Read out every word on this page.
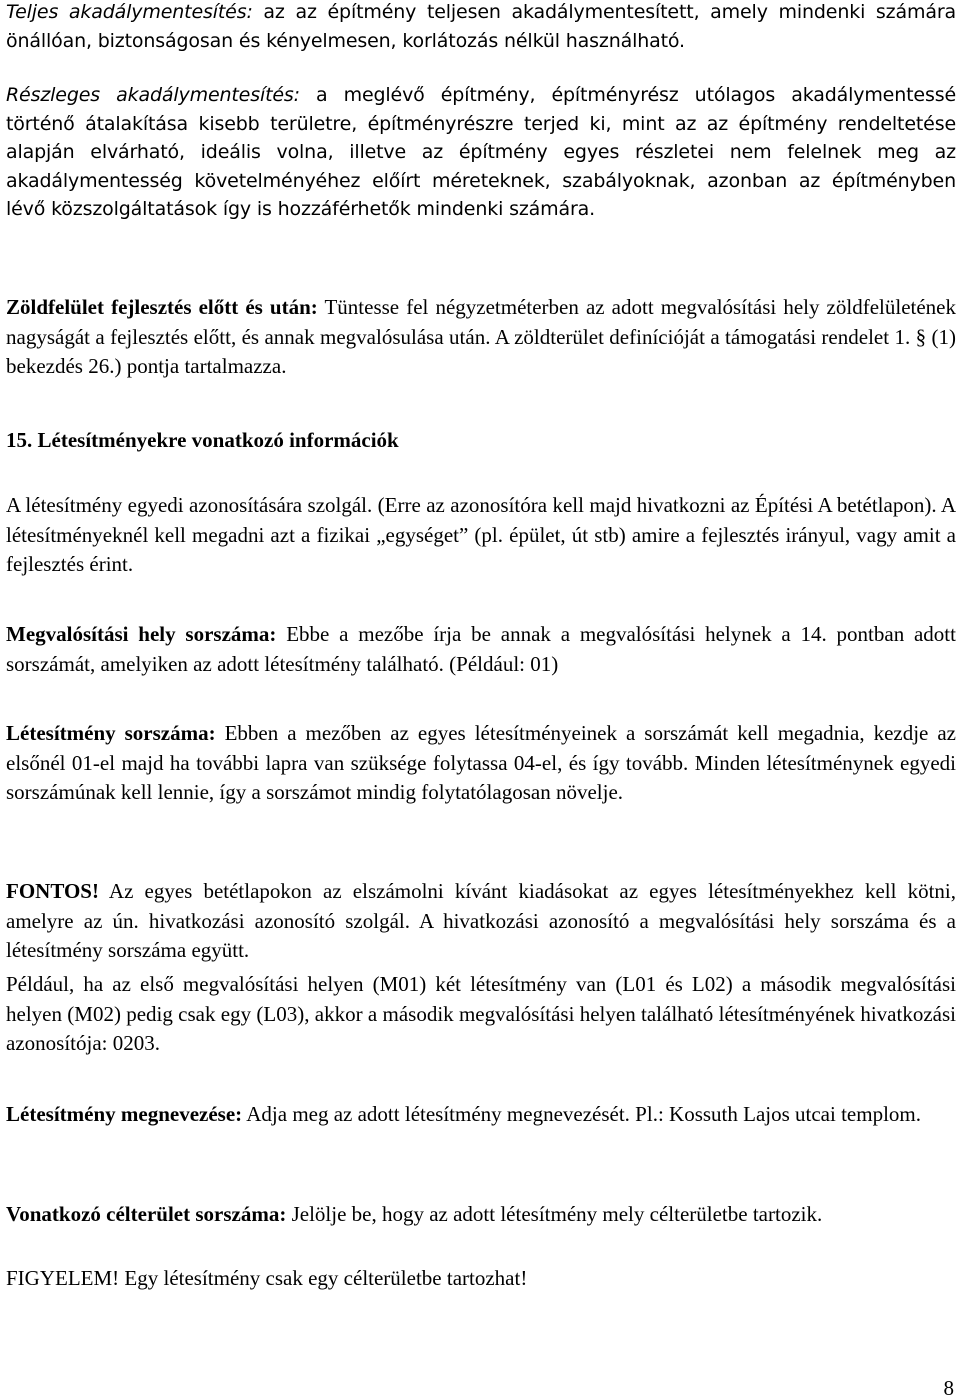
Teljes akadálymentesítés: az az építmény teljesen akadálymentesített, amely mindenki számára önállóan, biztonságosan és kényelmesen, korlátozás nélkül használható.

Részleges akadálymentesítés: a meglévő építmény, építményrész utólagos akadálymentessé történő átalakítása kisebb területre, építményrészre terjed ki, mint az az építmény rendeltetése alapján elvárható, ideális volna, illetve az építmény egyes részletei nem felelnek meg az akadálymentesség követelményéhez előírt méreteknek, szabályoknak, azonban az építményben lévő közszolgáltatások így is hozzáférhetők mindenki számára.

Zöldfelület fejlesztés előtt és után: Tüntesse fel négyzetméterben az adott megvalósítási hely zöldfelületének nagyságát a fejlesztés előtt, és annak megvalósulása után. A zöldterület definícióját a támogatási rendelet 1. § (1) bekezdés 26.) pontja tartalmazza.

15. Létesítményekre vonatkozó információk

A létesítmény egyedi azonosítására szolgál. (Erre az azonosítóra kell majd hivatkozni az Építési A betétlapon). A létesítményeknél kell megadni azt a fizikai „egységet” (pl. épület, út stb) amire a fejlesztés irányul, vagy amit a fejlesztés érint.

Megvalósítási hely sorszáma: Ebbe a mezőbe írja be annak a megvalósítási helynek a 14. pontban adott sorszámát, amelyiken az adott létesítmény található. (Például: 01)

Létesítmény sorszáma: Ebben a mezőben az egyes létesítményeinek a sorszámát kell megadnia, kezdje az elsőnél 01-el majd ha további lapra van szüksége folytassa 04-el, és így tovább. Minden létesítménynek egyedi sorszámúnak kell lennie, így a sorszámot mindig folytatólagosan növelje.

FONTOS! Az egyes betétlapokon az elszámolni kívánt kiadásokat az egyes létesítményekhez kell kötni, amelyre az ún. hivatkozási azonosító szolgál. A hivatkozási azonosító a megvalósítási hely sorszáma és a létesítmény sorszáma együtt.

Például, ha az első megvalósítási helyen (M01) két létesítmény van (L01 és L02) a második megvalósítási helyen (M02) pedig csak egy (L03), akkor a második megvalósítási helyen található létesítményének hivatkozási azonosítója: 0203.

Létesítmény megnevezése: Adja meg az adott létesítmény megnevezését. Pl.: Kossuth Lajos utcai templom.

Vonatkozó célterület sorszáma: Jelölje be, hogy az adott létesítmény mely célterületbe tartozik.

FIGYELEM! Egy létesítmény csak egy célterületbe tartozhat!

8
